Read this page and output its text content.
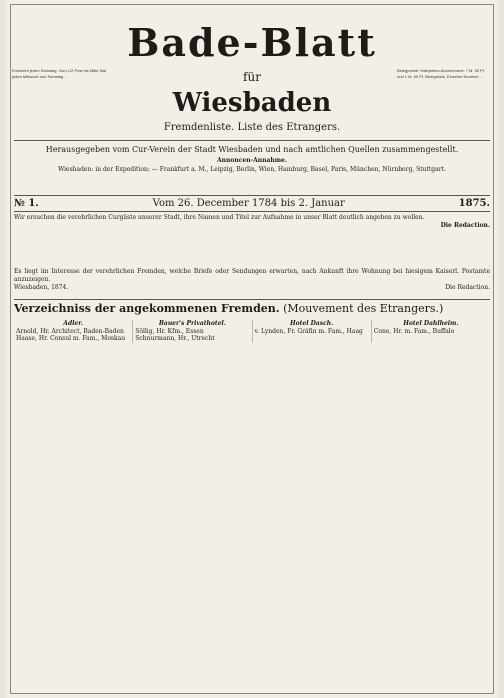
Erscheint jeden Samstag. Vom 1/2 Post bis Mitte Mai jeden Mittwoch und Samstag ...
Belegpreise: Halbjahres-Abonnement: 7 M. 50 Pf. und 1 M. 50 Pf. Belegstück. Einzelne Nummer ...
Bade-Blatt
für
Wiesbaden
Fremdenliste. Liste des Etrangers.
Herausgegeben vom Cur-Verein der Stadt Wiesbaden und nach amtlichen Quellen zusammengestellt.
Annoncen-Annahme.
Wiesbaden: in der Expedition; — Frankfurt a. M., Leipzig, Berlin, Wien, Hamburg, Basel, Paris, München, Nürnberg, Stuttgart.
№ 1.	Vom 26. December 1784 bis 2. Januar	1875.
Wir ersuchen die verehrlichen Curgäste unserer Stadt, ihre Namen und Titel zur Aufnahme in unser Blatt deutlich angeben zu wollen.
Die Redaction.
Es liegt im Interesse der verehrlichen Fremden, welche Briefe oder Sendungen erwarten, nach Ankunft ihre Wohnung bei hiesigem Kaiserl. Postamte anzuzeigen.
Wiesbaden, 1874.	Die Redaction.
Verzeichniss der angekommenen Fremden. (Mouvement des Etrangers.)
Adler.
Arnold, Hr. Architect, Baden-Baden
Haase, Hr. Consul m. Fam., Moskau
Bauer's Privathotel.
Söllig, Hr. Kfm., Essen
Schnurmann, Hr., Utrecht
Hotel Dasch.
v. Lynden, Fr. Gräfin m. Fam., Haag
Hotel Dahlheim.
Cone, Hr. m. Fam., Buffalo
